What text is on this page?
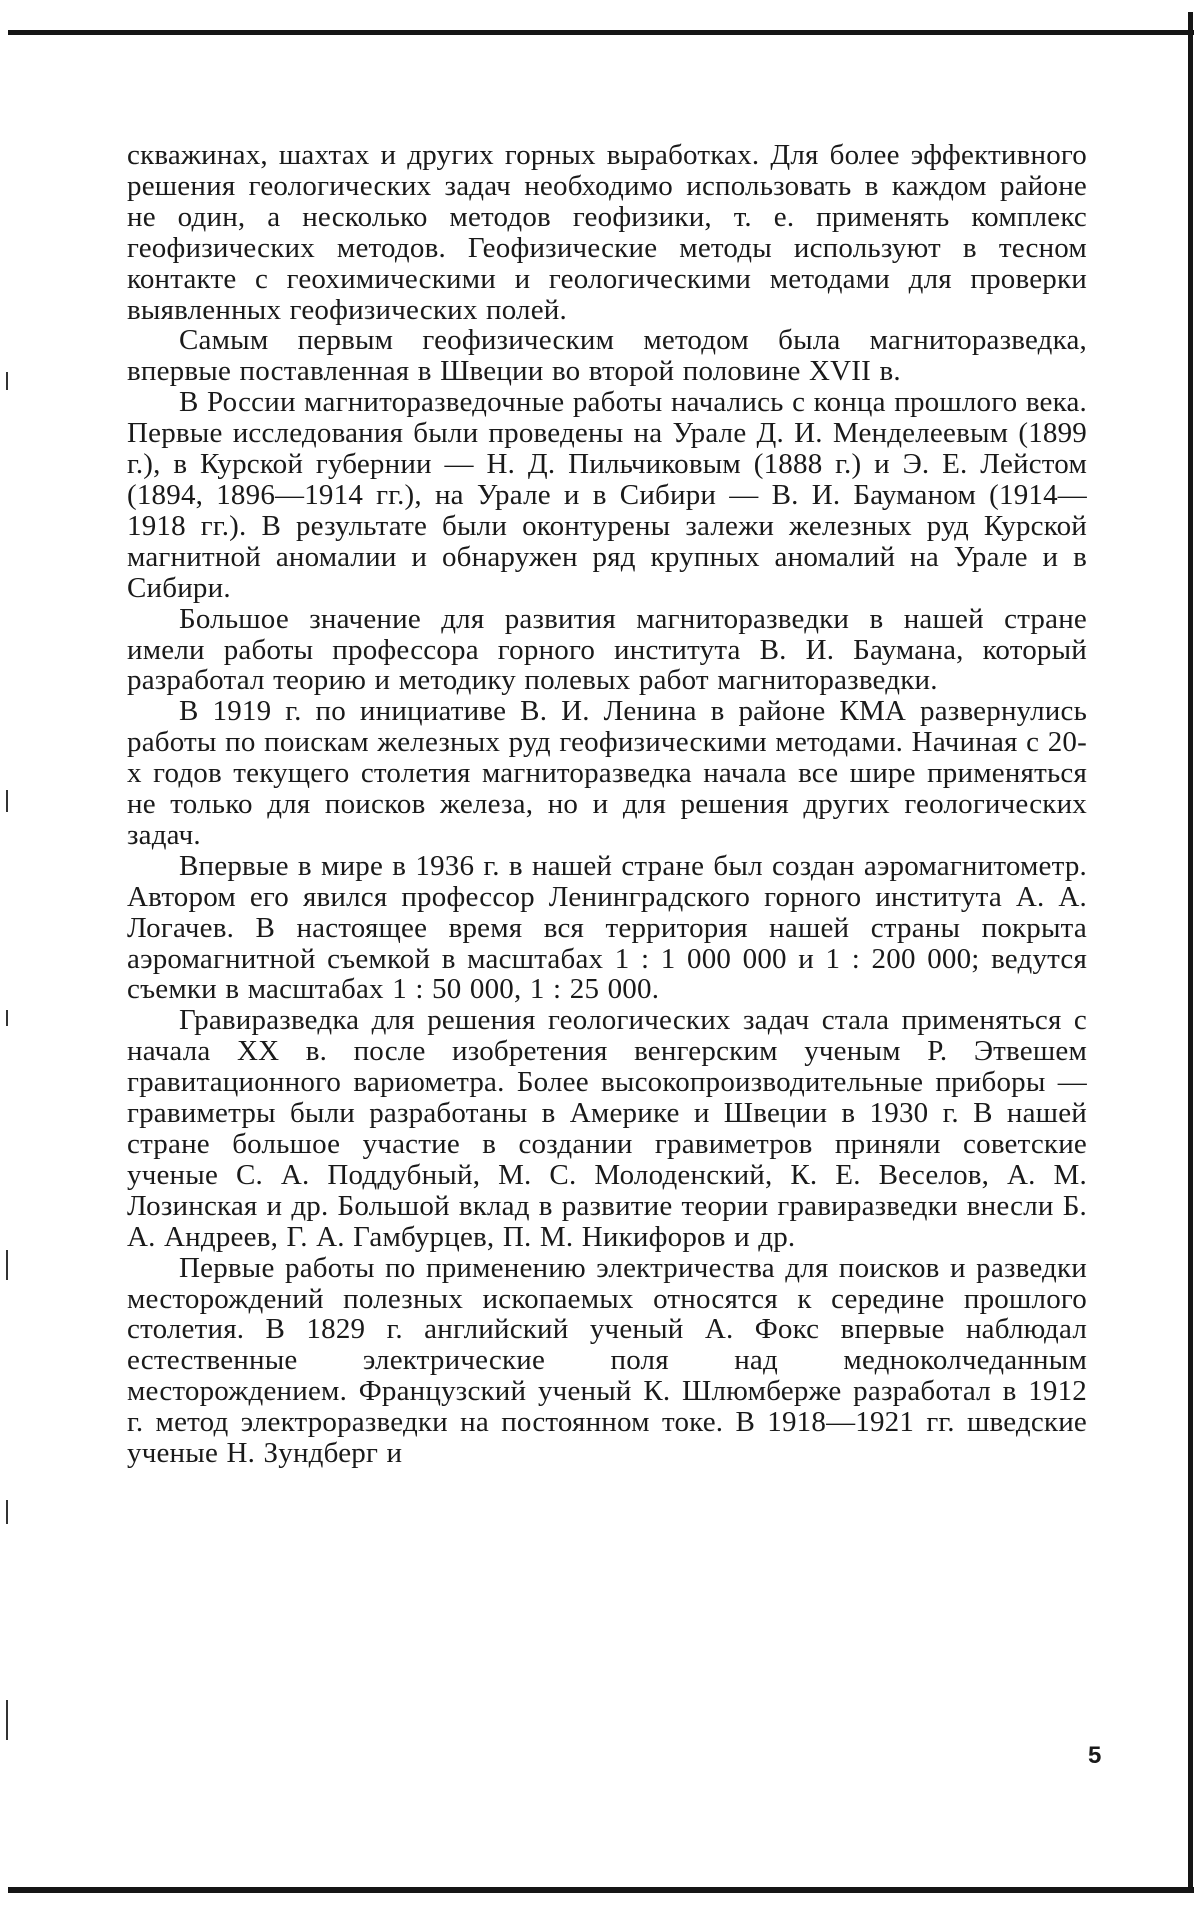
скважинах, шахтах и других горных выработках. Для более эффективного решения геологических задач необходимо использовать в каждом районе не один, а несколько методов геофизики, т. е. применять комплекс геофизических методов. Геофизические методы используют в тесном контакте с геохимическими и геологическими методами для проверки выявленных геофизических полей.

Самым первым геофизическим методом была магниторазведка, впервые поставленная в Швеции во второй половине XVII в.

В России магниторазведочные работы начались с конца прошлого века. Первые исследования были проведены на Урале Д. И. Менделеевым (1899 г.), в Курской губернии — Н. Д. Пильчиковым (1888 г.) и Э. Е. Лейстом (1894, 1896—1914 гг.), на Урале и в Сибири — В. И. Бауманом (1914—1918 гг.). В результате были оконтурены залежи железных руд Курской магнитной аномалии и обнаружен ряд крупных аномалий на Урале и в Сибири.

Большое значение для развития магниторазведки в нашей стране имели работы профессора горного института В. И. Баумана, который разработал теорию и методику полевых работ магниторазведки.

В 1919 г. по инициативе В. И. Ленина в районе КМА развернулись работы по поискам железных руд геофизическими методами. Начиная с 20-х годов текущего столетия магниторазведка начала все шире применяться не только для поисков железа, но и для решения других геологических задач.

Впервые в мире в 1936 г. в нашей стране был создан аэромагнитометр. Автором его явился профессор Ленинградского горного института А. А. Логачев. В настоящее время вся территория нашей страны покрыта аэромагнитной съемкой в масштабах 1 : 1 000 000 и 1 : 200 000; ведутся съемки в масштабах 1 : 50 000, 1 : 25 000.

Гравиразведка для решения геологических задач стала применяться с начала XX в. после изобретения венгерским ученым Р. Этвешем гравитационного вариометра. Более высокопроизводительные приборы — гравиметры были разработаны в Америке и Швеции в 1930 г. В нашей стране большое участие в создании гравиметров приняли советские ученые С. А. Поддубный, М. С. Молоденский, К. Е. Веселов, А. М. Лозинская и др. Большой вклад в развитие теории гравиразведки внесли Б. А. Андреев, Г. А. Гамбурцев, П. М. Никифоров и др.

Первые работы по применению электричества для поисков и разведки месторождений полезных ископаемых относятся к середине прошлого столетия. В 1829 г. английский ученый А. Фокс впервые наблюдал естественные электрические поля над медноколчеданным месторождением. Французский ученый К. Шлюмберже разработал в 1912 г. метод электроразведки на постоянном токе. В 1918—1921 гг. шведские ученые Н. Зундберг и

5
